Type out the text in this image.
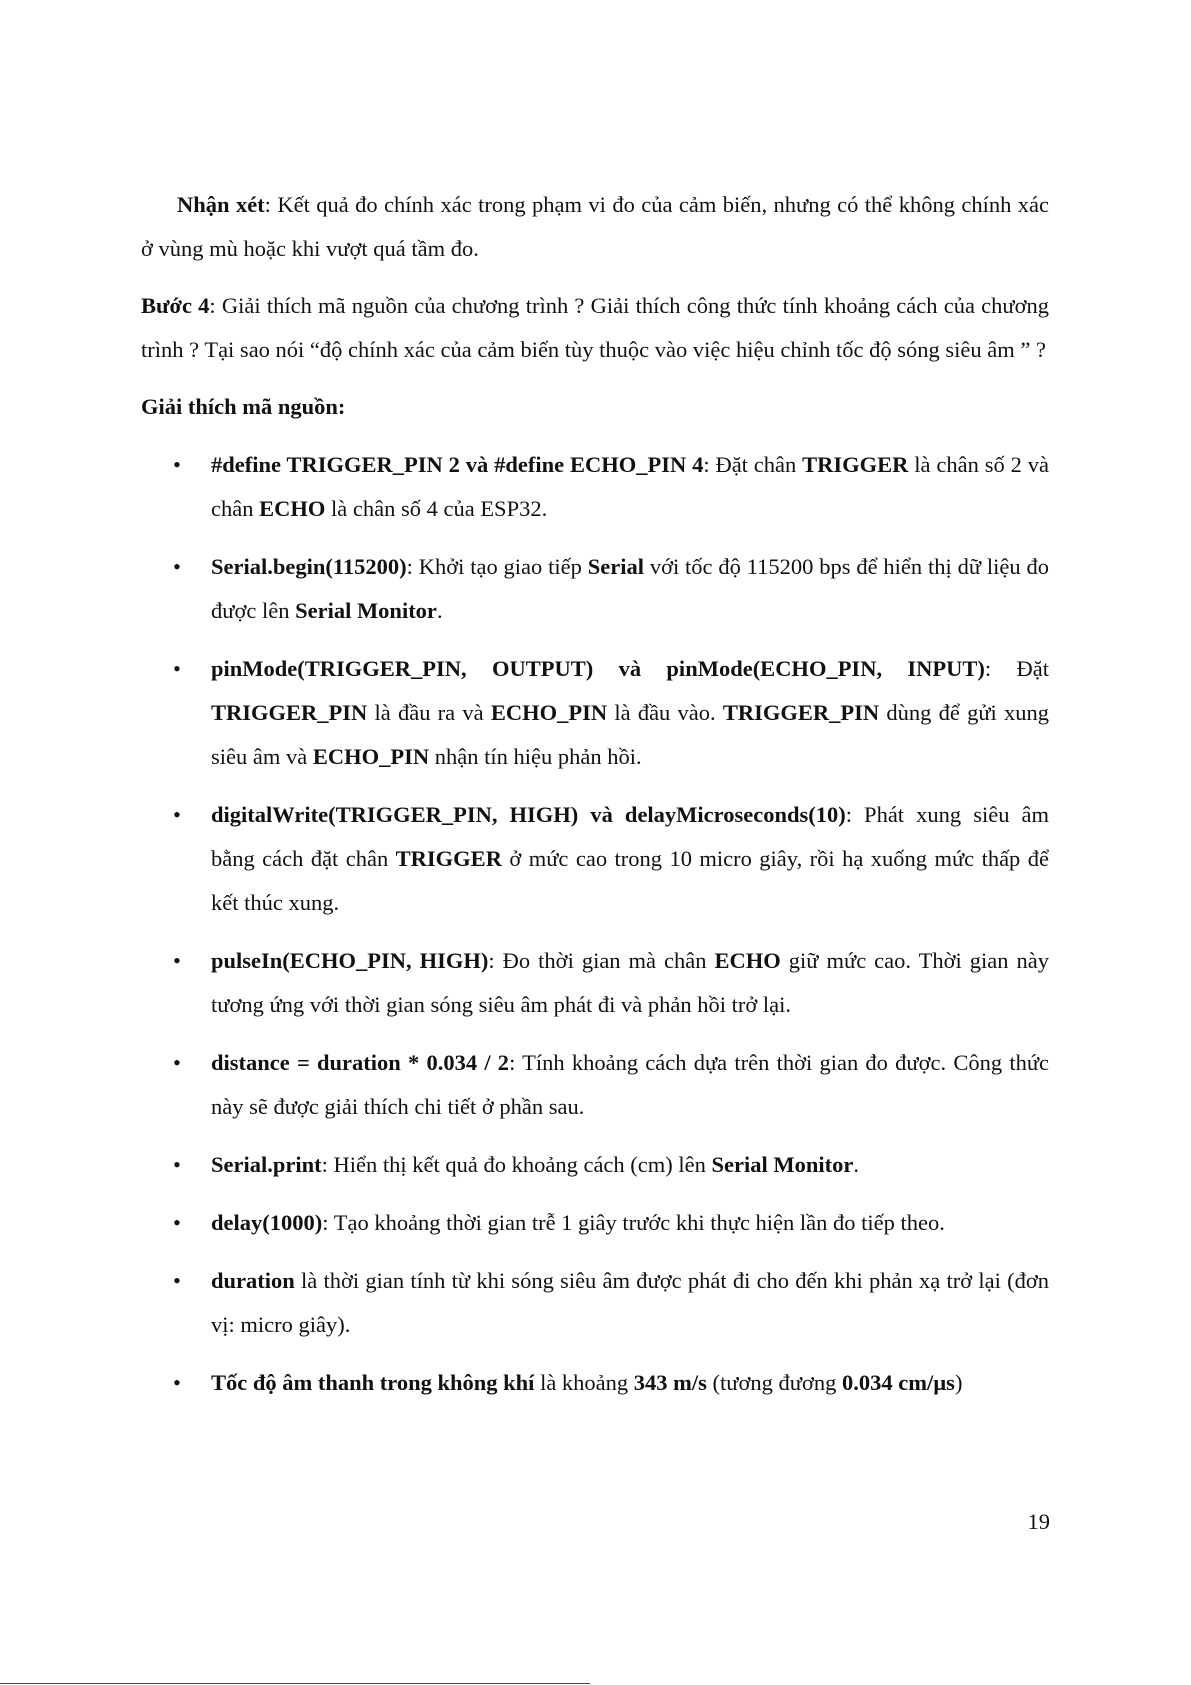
Nhận xét: Kết quả đo chính xác trong phạm vi đo của cảm biến, nhưng có thể không chính xác ở vùng mù hoặc khi vượt quá tầm đo.

Bước 4: Giải thích mã nguồn của chương trình ? Giải thích công thức tính khoảng cách của chương trình ? Tại sao nói “độ chính xác của cảm biến tùy thuộc vào việc hiệu chỉnh tốc độ sóng siêu âm ” ?

Giải thích mã nguồn:

• #define TRIGGER_PIN 2 và #define ECHO_PIN 4: Đặt chân TRIGGER là chân số 2 và chân ECHO là chân số 4 của ESP32.
• Serial.begin(115200): Khởi tạo giao tiếp Serial với tốc độ 115200 bps để hiển thị dữ liệu đo được lên Serial Monitor.
• pinMode(TRIGGER_PIN, OUTPUT) và pinMode(ECHO_PIN, INPUT): Đặt TRIGGER_PIN là đầu ra và ECHO_PIN là đầu vào. TRIGGER_PIN dùng để gửi xung siêu âm và ECHO_PIN nhận tín hiệu phản hồi.
• digitalWrite(TRIGGER_PIN, HIGH) và delayMicroseconds(10): Phát xung siêu âm bằng cách đặt chân TRIGGER ở mức cao trong 10 micro giây, rồi hạ xuống mức thấp để kết thúc xung.
• pulseIn(ECHO_PIN, HIGH): Đo thời gian mà chân ECHO giữ mức cao. Thời gian này tương ứng với thời gian sóng siêu âm phát đi và phản hồi trở lại.
• distance = duration * 0.034 / 2: Tính khoảng cách dựa trên thời gian đo được. Công thức này sẽ được giải thích chi tiết ở phần sau.
• Serial.print: Hiển thị kết quả đo khoảng cách (cm) lên Serial Monitor.
• delay(1000): Tạo khoảng thời gian trễ 1 giây trước khi thực hiện lần đo tiếp theo.
• duration là thời gian tính từ khi sóng siêu âm được phát đi cho đến khi phản xạ trở lại (đơn vị: micro giây).
• Tốc độ âm thanh trong không khí là khoảng 343 m/s (tương đương 0.034 cm/µs)
19
